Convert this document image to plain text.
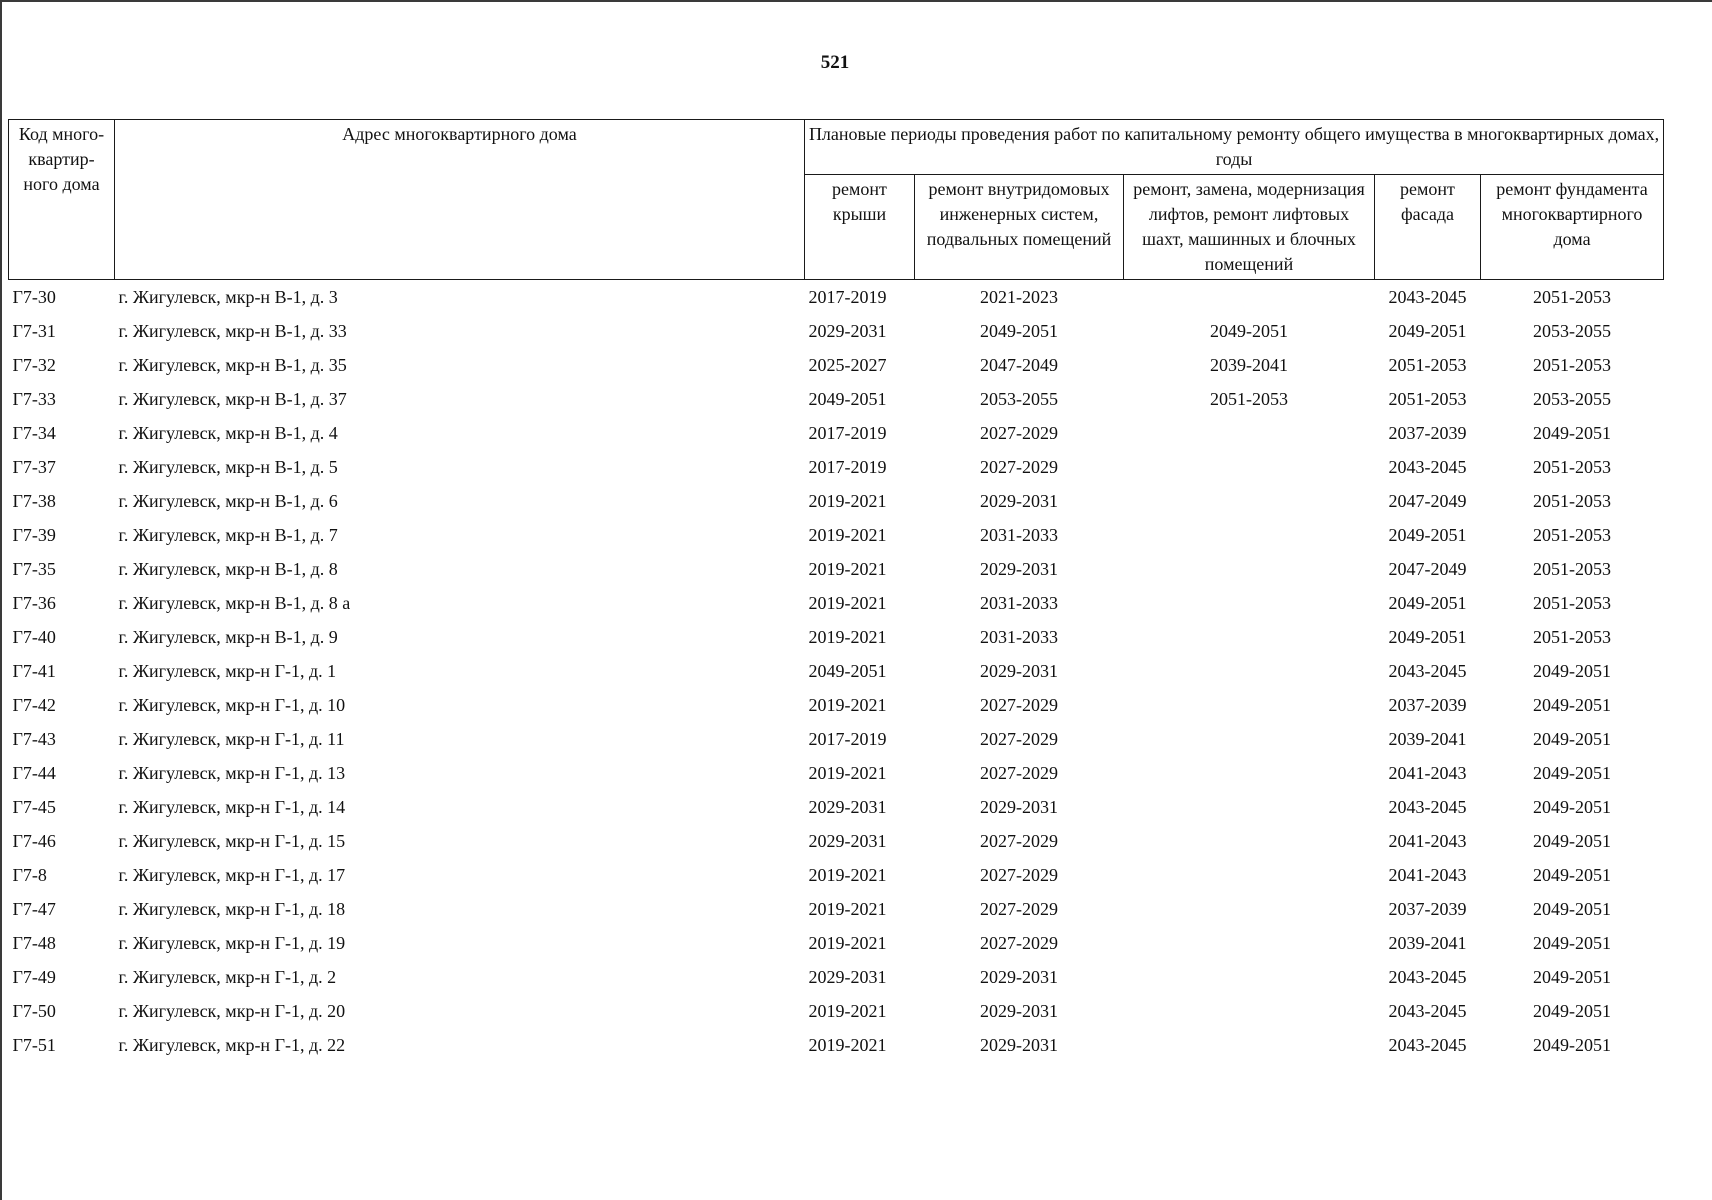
521
Код много-квартир-ного дома	Адрес многоквартирного дома	Плановые периоды проведения работ по капитальному ремонту общего имущества в многоквартирных домах, годы				
		ремонт крыши	ремонт внутридомовых инженерных систем, подвальных помещений	ремонт, замена, модернизация лифтов, ремонт лифтовых шахт, машинных и блочных помещений	ремонт фасада	ремонт фундамента многоквартирного дома
Г7-30	г. Жигулевск, мкр-н В-1, д. 3	2017-2019	2021-2023		2043-2045	2051-2053
Г7-31	г. Жигулевск, мкр-н В-1, д. 33	2029-2031	2049-2051	2049-2051	2049-2051	2053-2055
Г7-32	г. Жигулевск, мкр-н В-1, д. 35	2025-2027	2047-2049	2039-2041	2051-2053	2051-2053
Г7-33	г. Жигулевск, мкр-н В-1, д. 37	2049-2051	2053-2055	2051-2053	2051-2053	2053-2055
Г7-34	г. Жигулевск, мкр-н В-1, д. 4	2017-2019	2027-2029		2037-2039	2049-2051
Г7-37	г. Жигулевск, мкр-н В-1, д. 5	2017-2019	2027-2029		2043-2045	2051-2053
Г7-38	г. Жигулевск, мкр-н В-1, д. 6	2019-2021	2029-2031		2047-2049	2051-2053
Г7-39	г. Жигулевск, мкр-н В-1, д. 7	2019-2021	2031-2033		2049-2051	2051-2053
Г7-35	г. Жигулевск, мкр-н В-1, д. 8	2019-2021	2029-2031		2047-2049	2051-2053
Г7-36	г. Жигулевск, мкр-н В-1, д. 8 а	2019-2021	2031-2033		2049-2051	2051-2053
Г7-40	г. Жигулевск, мкр-н В-1, д. 9	2019-2021	2031-2033		2049-2051	2051-2053
Г7-41	г. Жигулевск, мкр-н Г-1, д. 1	2049-2051	2029-2031		2043-2045	2049-2051
Г7-42	г. Жигулевск, мкр-н Г-1, д. 10	2019-2021	2027-2029		2037-2039	2049-2051
Г7-43	г. Жигулевск, мкр-н Г-1, д. 11	2017-2019	2027-2029		2039-2041	2049-2051
Г7-44	г. Жигулевск, мкр-н Г-1, д. 13	2019-2021	2027-2029		2041-2043	2049-2051
Г7-45	г. Жигулевск, мкр-н Г-1, д. 14	2029-2031	2029-2031		2043-2045	2049-2051
Г7-46	г. Жигулевск, мкр-н Г-1, д. 15	2029-2031	2027-2029		2041-2043	2049-2051
Г7-8	г. Жигулевск, мкр-н Г-1, д. 17	2019-2021	2027-2029		2041-2043	2049-2051
Г7-47	г. Жигулевск, мкр-н Г-1, д. 18	2019-2021	2027-2029		2037-2039	2049-2051
Г7-48	г. Жигулевск, мкр-н Г-1, д. 19	2019-2021	2027-2029		2039-2041	2049-2051
Г7-49	г. Жигулевск, мкр-н Г-1, д. 2	2029-2031	2029-2031		2043-2045	2049-2051
Г7-50	г. Жигулевск, мкр-н Г-1, д. 20	2019-2021	2029-2031		2043-2045	2049-2051
Г7-51	г. Жигулевск, мкр-н Г-1, д. 22	2019-2021	2029-2031		2043-2045	2049-2051
